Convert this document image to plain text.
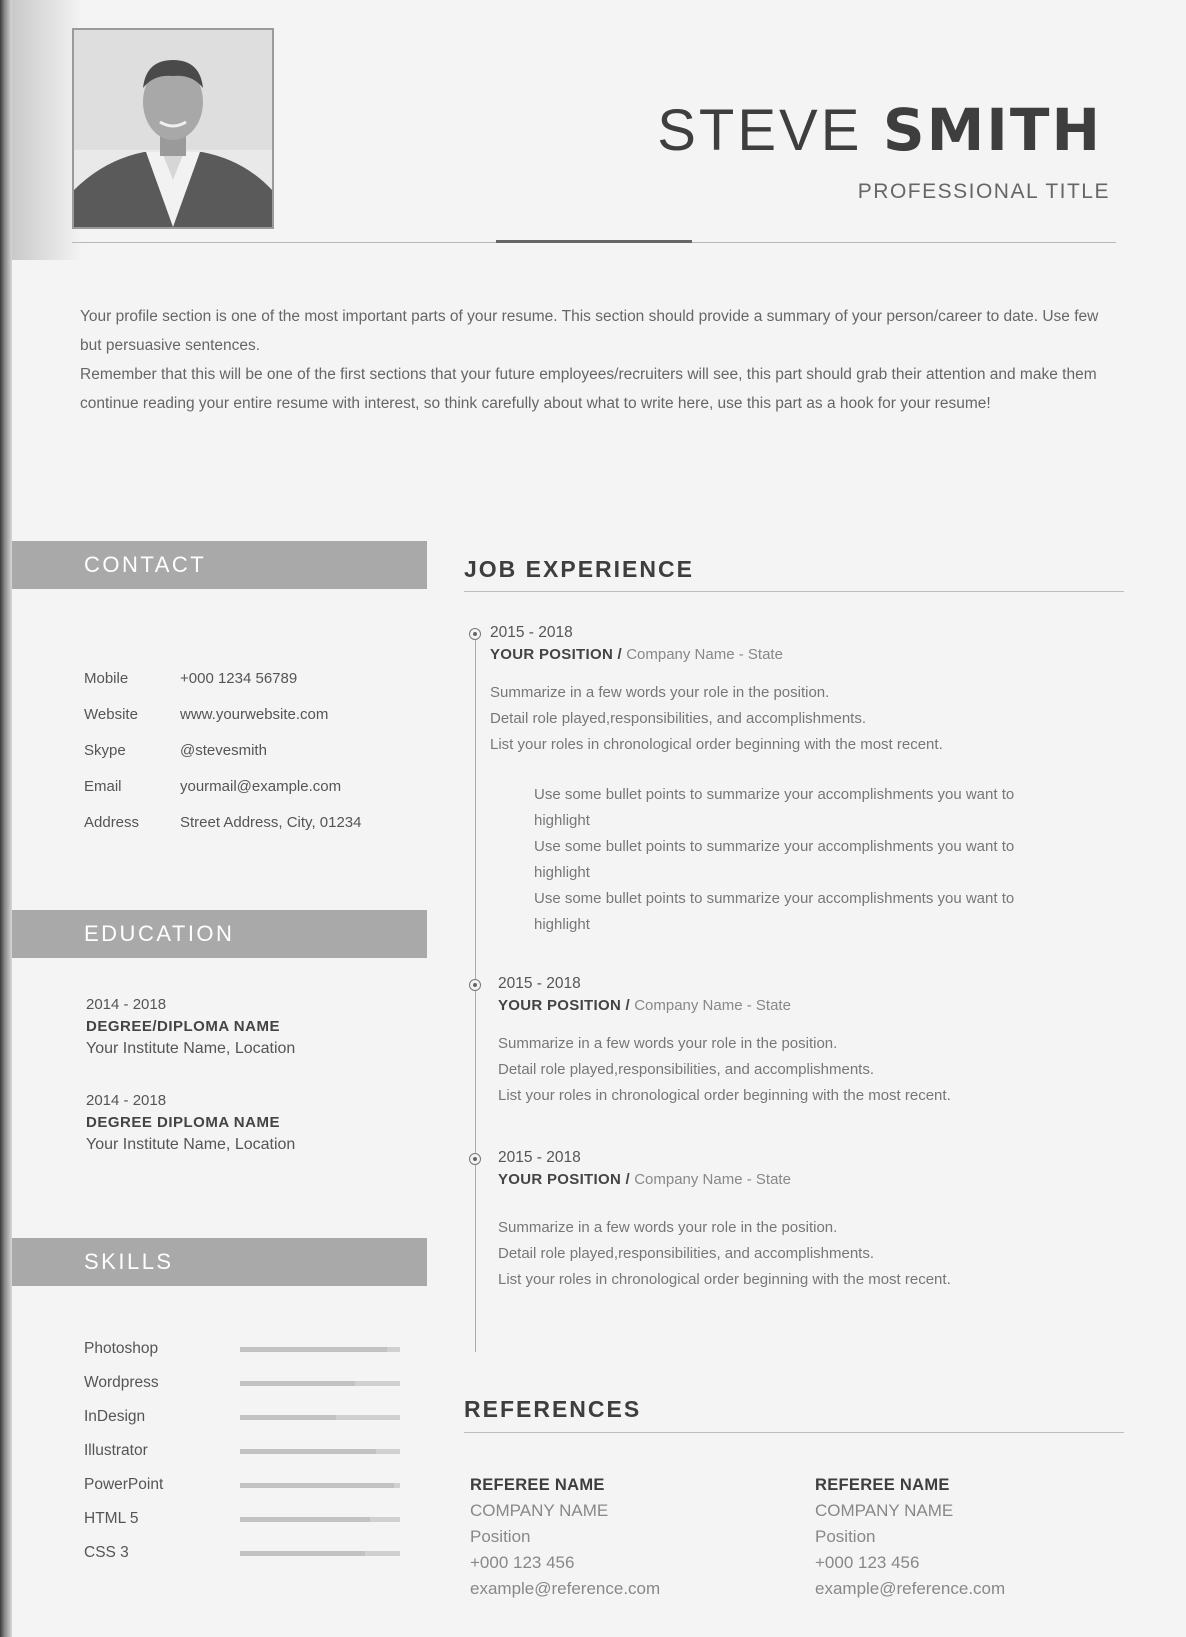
STEVE SMITH
PROFESSIONAL TITLE

Your profile section is one of the most important parts of your resume. This section should provide a summary of your person/career to date. Use few but persuasive sentences.

Remember that this will be one of the first sections that your future employees/recruiters will see, this part should grab their attention and make them continue reading your entire resume with interest, so think carefully about what to write here, use this part as a hook for your resume!

CONTACT
Mobile	+000 1234 56789
Website	www.yourwebsite.com
Skype	@stevesmith
Email	yourmail@example.com
Address	Street Address, City, 01234
EDUCATION
2014 - 2018
DEGREE/DIPLOMA NAME
Your Institute Name, Location
2014 - 2018
DEGREE DIPLOMA NAME
Your Institute Name, Location
SKILLS
Photoshop
Wordpress
InDesign
Illustrator
PowerPoint
HTML 5
CSS 3
JOB EXPERIENCE
2015 - 2018
YOUR POSITION / Company Name - State
Summarize in a few words your role in the position.
Detail role played,responsibilities, and accomplishments.
List your roles in chronological order beginning with the most recent.
Use some bullet points to summarize your accomplishments you want to highlight
Use some bullet points to summarize your accomplishments you want to highlight
Use some bullet points to summarize your accomplishments you want to highlight
2015 - 2018
YOUR POSITION / Company Name - State
Summarize in a few words your role in the position.
Detail role played,responsibilities, and accomplishments.
List your roles in chronological order beginning with the most recent.
2015 - 2018
YOUR POSITION / Company Name - State
Summarize in a few words your role in the position.
Detail role played,responsibilities, and accomplishments.
List your roles in chronological order beginning with the most recent.
REFERENCES
REFEREE NAME
COMPANY NAME
Position
+000 123 456
example@reference.com
REFEREE NAME
COMPANY NAME
Position
+000 123 456
example@reference.com
